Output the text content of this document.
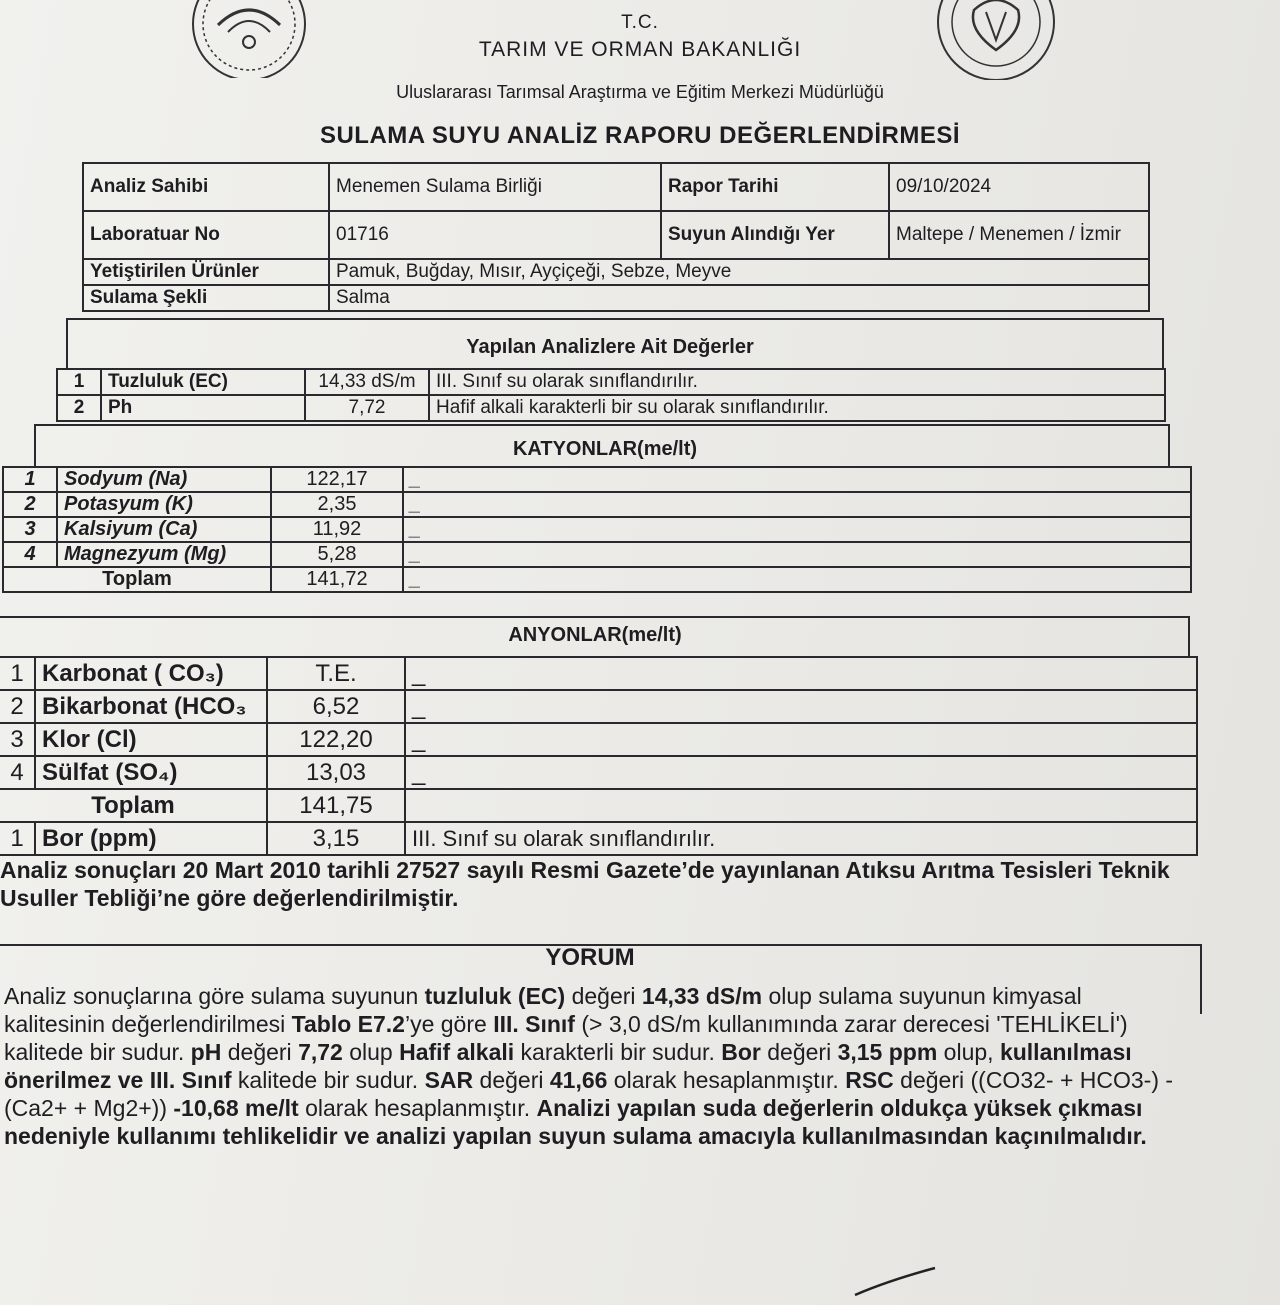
T.C.
TARIM VE ORMAN BAKANLIĞI
Uluslararası Tarımsal Araştırma ve Eğitim Merkezi Müdürlüğü
SULAMA SUYU ANALİZ RAPORU DEĞERLENDİRMESİ
Analiz Sahibi	Menemen Sulama Birliği	Rapor Tarihi	09/10/2024
Laboratuar No	01716	Suyun Alındığı Yer	Maltepe / Menemen / İzmir
Yetiştirilen Ürünler	Pamuk, Buğday, Mısır, Ayçiçeği, Sebze, Meyve		
Sulama Şekli	Salma		
Yapılan Analizlere Ait Değerler
1	Tuzluluk (EC)	14,33 dS/m	III. Sınıf su olarak sınıflandırılır.
2	Ph	7,72	Hafif alkali karakterli bir su olarak sınıflandırılır.
KATYONLAR(me/lt)
1	Sodyum (Na)	122,17	_
2	Potasyum (K)	2,35	_
3	Kalsiyum (Ca)	11,92	_
4	Magnezyum (Mg)	5,28	_
Toplam		141,72	_
ANYONLAR(me/lt)
1	Karbonat ( CO₃)	T.E.	_
2	Bikarbonat (HCO₃	6,52	_
3	Klor (Cl)	122,20	_
4	Sülfat (SO₄)	13,03	_
Toplam		141,75	
1	Bor (ppm)	3,15	III. Sınıf su olarak sınıflandırılır.
Analiz sonuçları 20 Mart 2010 tarihli 27527 sayılı Resmi Gazete’de yayınlanan Atıksu Arıtma Tesisleri Teknik Usuller Tebliği’ne göre değerlendirilmiştir.
YORUM
Analiz sonuçlarına göre sulama suyunun tuzluluk (EC) değeri 14,33 dS/m olup sulama suyunun kimyasal kalitesinin değerlendirilmesi Tablo E7.2’ye göre III. Sınıf (> 3,0 dS/m kullanımında zarar derecesi 'TEHLİKELİ') kalitede bir sudur. pH değeri 7,72 olup Hafif alkali karakterli bir sudur. Bor değeri 3,15 ppm olup, kullanılması önerilmez ve III. Sınıf kalitede bir sudur. SAR değeri 41,66 olarak hesaplanmıştır. RSC değeri ((CO32- + HCO3-) - (Ca2+ + Mg2+)) -10,68 me/lt olarak hesaplanmıştır. Analizi yapılan suda değerlerin oldukça yüksek çıkması nedeniyle kullanımı tehlikelidir ve analizi yapılan suyun sulama amacıyla kullanılmasından kaçınılmalıdır.
